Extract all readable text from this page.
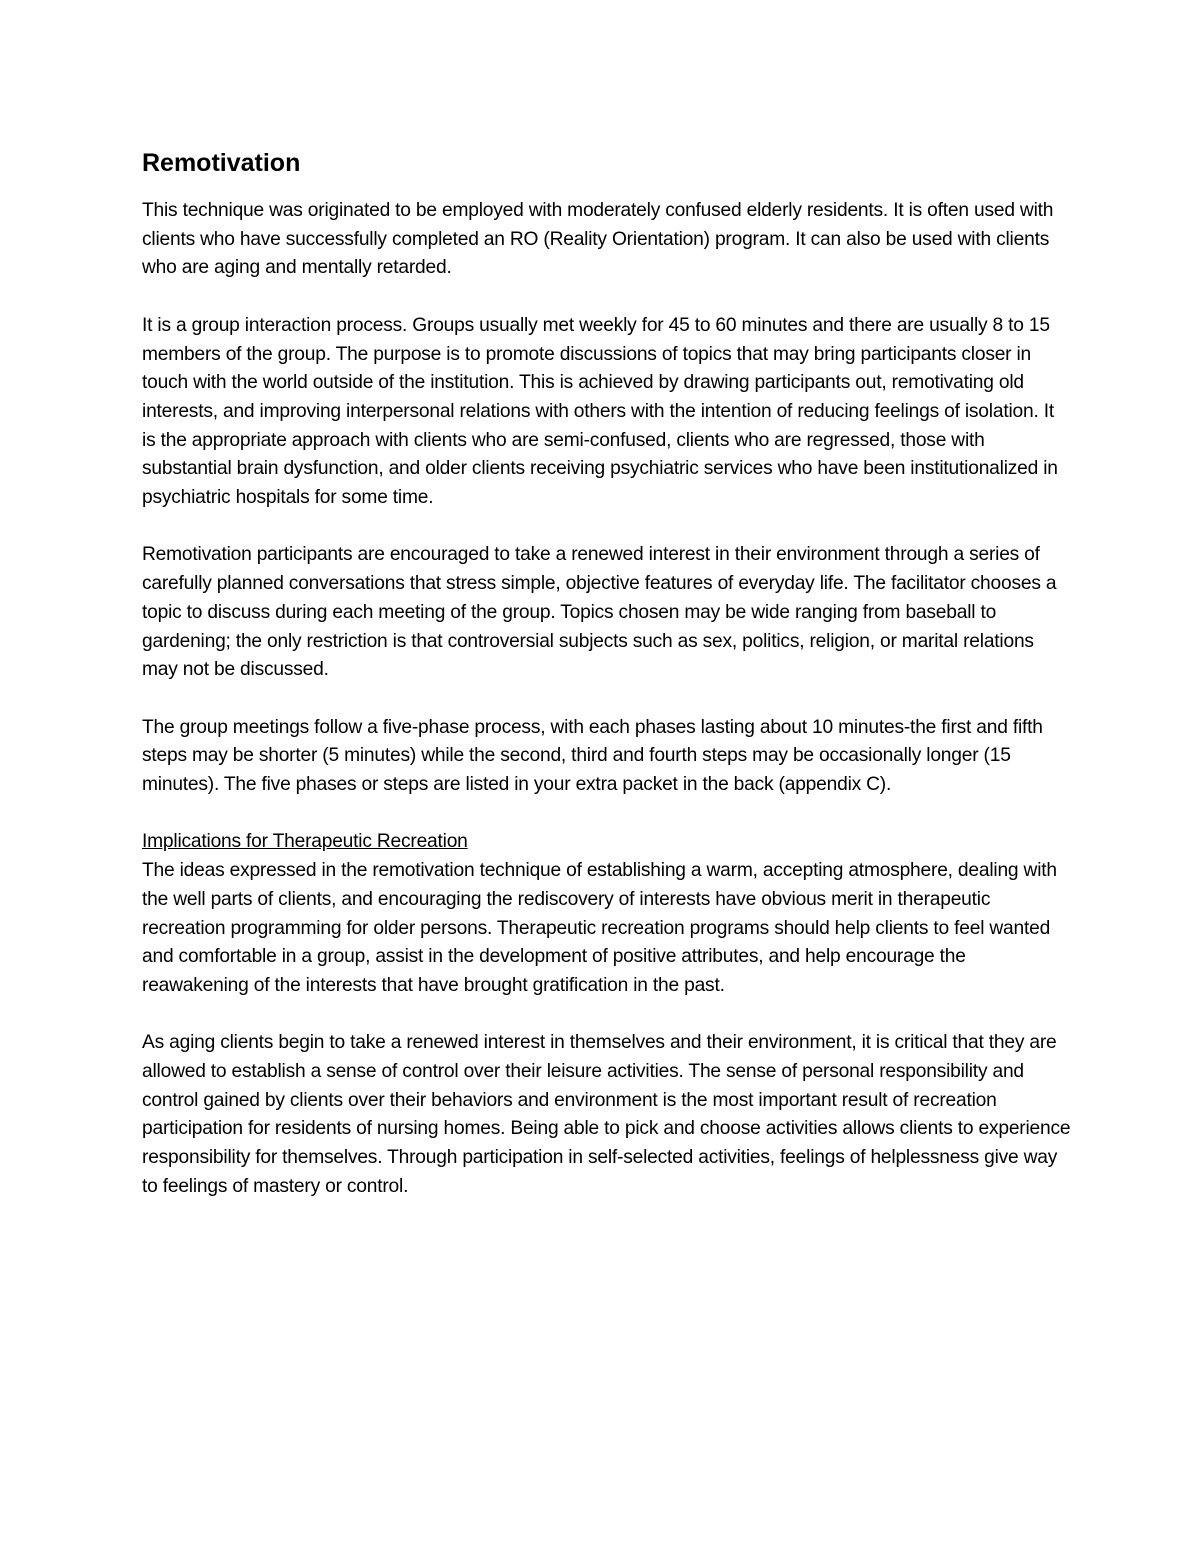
Remotivation

This technique was originated to be employed with moderately confused elderly residents. It is often used with clients who have successfully completed an RO (Reality Orientation) program. It can also be used with clients who are aging and mentally retarded.

It is a group interaction process. Groups usually met weekly for 45 to 60 minutes and there are usually 8 to 15 members of the group. The purpose is to promote discussions of topics that may bring participants closer in touch with the world outside of the institution. This is achieved by drawing participants out, remotivating old interests, and improving interpersonal relations with others with the intention of reducing feelings of isolation. It is the appropriate approach with clients who are semi-confused, clients who are regressed, those with substantial brain dysfunction, and older clients receiving psychiatric services who have been institutionalized in psychiatric hospitals for some time.

Remotivation participants are encouraged to take a renewed interest in their environment through a series of carefully planned conversations that stress simple, objective features of everyday life. The facilitator chooses a topic to discuss during each meeting of the group. Topics chosen may be wide ranging from baseball to gardening; the only restriction is that controversial subjects such as sex, politics, religion, or marital relations may not be discussed.

The group meetings follow a five-phase process, with each phases lasting about 10 minutes-the first and fifth steps may be shorter (5 minutes) while the second, third and fourth steps may be occasionally longer (15 minutes). The five phases or steps are listed in your extra packet in the back (appendix C).

Implications for Therapeutic Recreation

The ideas expressed in the remotivation technique of establishing a warm, accepting atmosphere, dealing with the well parts of clients, and encouraging the rediscovery of interests have obvious merit in therapeutic recreation programming for older persons. Therapeutic recreation programs should help clients to feel wanted and comfortable in a group, assist in the development of positive attributes, and help encourage the reawakening of the interests that have brought gratification in the past.

As aging clients begin to take a renewed interest in themselves and their environment, it is critical that they are allowed to establish a sense of control over their leisure activities. The sense of personal responsibility and control gained by clients over their behaviors and environment is the most important result of recreation participation for residents of nursing homes. Being able to pick and choose activities allows clients to experience responsibility for themselves. Through participation in self-selected activities, feelings of helplessness give way to feelings of mastery or control.
